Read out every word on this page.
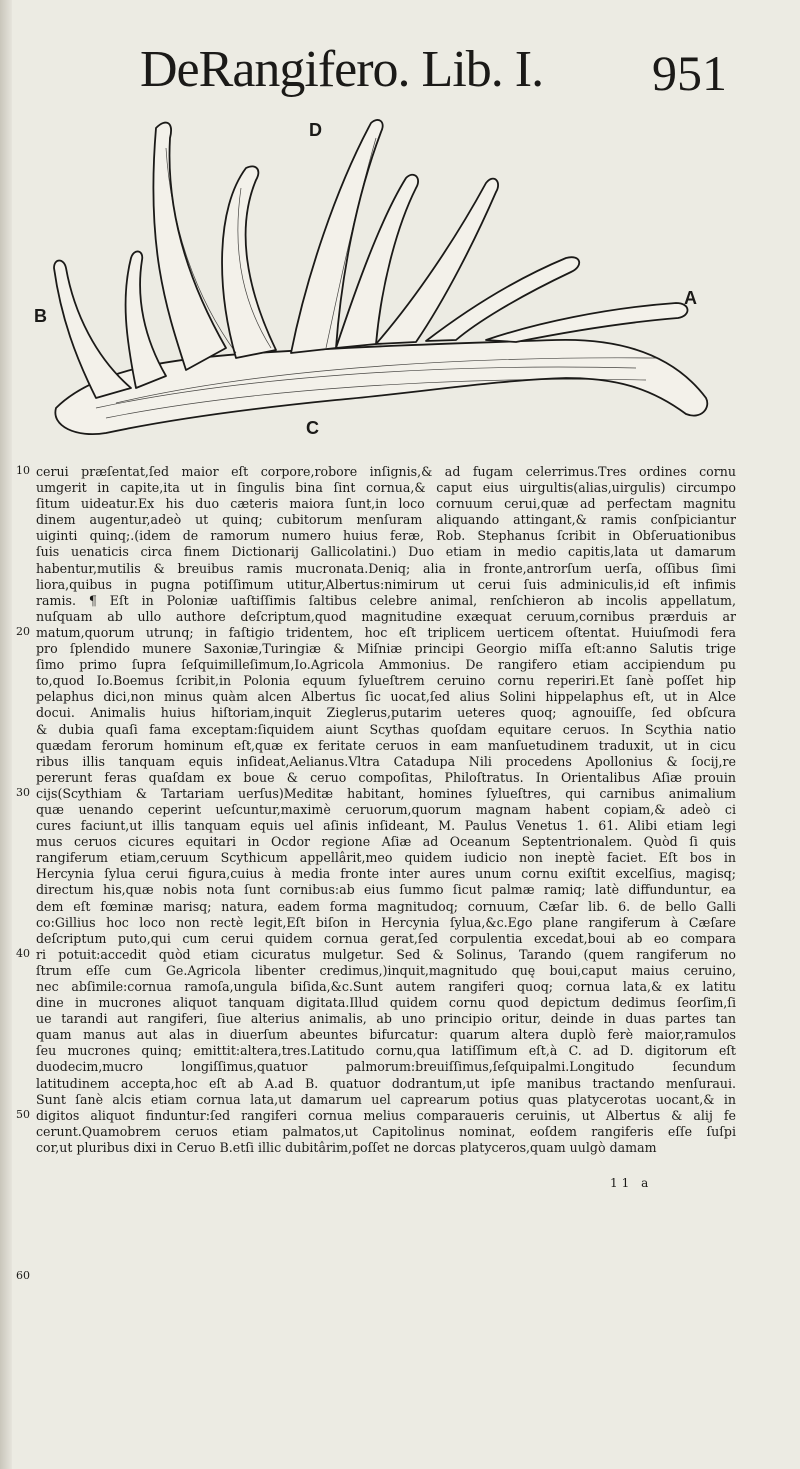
DeRangifero. Lib. I. 951
D
A
B
C
10
20
30
40
50
60
cerui præſentat,ſed maior eſt corpore,robore inſignis,& ad fugam celerrimus.Tres ordines cornu
umgerit in capite,ita ut in ſingulis bina ſint cornua,& caput eius uirgultis(alias,uirgulis) circumpo
ſitum uideatur.Ex his duo cæteris maiora ſunt,in loco cornuum cerui,quæ ad perfectam magnitu
dinem augentur,adeò ut quinq; cubitorum menſuram aliquando attingant,& ramis conſpiciantur
uiginti quinq;.(idem de ramorum numero huius feræ, Rob. Stephanus ſcribit in Obſeruationibus
ſuis uenaticis circa finem Dictionarij Gallicolatini.) Duo etiam in medio capitis,lata ut damarum
habentur,mutilis & breuibus ramis mucronata.Deniq; alia in fronte,antrorſum uerſa, oſſibus ſimi
liora,quibus in pugna potiſſimum utitur,Albertus:nimirum ut cerui ſuis adminiculis,id eſt infimis
ramis. ¶ Eſt in Poloniæ uaſtiſſimis ſaltibus celebre animal, renſchieron ab incolis appellatum,
nuſquam ab ullo authore deſcriptum,quod magnitudine exæquat ceruum,cornibus prærduis ar
matum,quorum utrunq; in faſtigio tridentem, hoc eſt triplicem uerticem oſtentat. Huiuſmodi fera
pro ſplendido munere Saxoniæ,Turingiæ & Miſniæ principi Georgio miſſa eſt:anno Salutis trige
ſimo primo ſupra ſeſquimilleſimum,Io.Agricola Ammonius. De rangifero etiam accipiendum pu
to,quod Io.Boemus ſcribit,in Polonia equum ſylueſtrem ceruino cornu reperiri.Et ſanè poſſet hip
pelaphus dici,non minus quàm alcen Albertus ſic uocat,ſed alius Solini hippelaphus eſt, ut in Alce
docui. Animalis huius hiſtoriam,inquit Zieglerus,putarim ueteres quoq; agnouiſſe, ſed obſcura
& dubia quaſi fama exceptam:ſiquidem aiunt Scythas quoſdam equitare ceruos. In Scythia natio
quædam ferorum hominum eſt,quæ ex feritate ceruos in eam manſuetudinem traduxit, ut in cicu
ribus illis tanquam equis inſideat,Aelianus.Vltra Catadupa Nili procedens Apollonius & ſocij,re
pererunt feras quaſdam ex boue & ceruo compoſitas, Philoſtratus. In Orientalibus Aſiæ prouin
cijs(Scythiam & Tartariam uerſus)Meditæ habitant, homines ſylueſtres, qui carnibus animalium
quæ uenando ceperint ueſcuntur,maximè ceruorum,quorum magnam habent copiam,& adeò ci
cures faciunt,ut illis tanquam equis uel aſinis inſideant, M. Paulus Venetus 1. 61. Alibi etiam legi
mus ceruos cicures equitari in Ocdor regione Aſiæ ad Oceanum Septentrionalem. Quòd ſi quis
rangiferum etiam,ceruum Scythicum appellârit,meo quidem iudicio non ineptè faciet. Eſt bos in
Hercynia ſylua cerui figura,cuius à media fronte inter aures unum cornu exiſtit excelſius, magisq;
directum his,quæ nobis nota ſunt cornibus:ab eius ſummo ſicut palmæ ramiq; latè diffunduntur, ea
dem eſt fœminæ marisq; natura, eadem forma magnitudoq; cornuum, Cæſar lib. 6. de bello Galli
co:Gillius hoc loco non rectè legit,Eſt biſon in Hercynia ſylua,&c.Ego plane rangiferum à Cæſare
deſcriptum puto,qui cum cerui quidem cornua gerat,ſed corpulentia excedat,boui ab eo compara
ri potuit:accedit quòd etiam cicuratus mulgetur. Sed & Solinus, Tarando (quem rangiferum no
ſtrum eſſe cum Ge.Agricola libenter credimus,)inquit,magnitudo quę boui,caput maius ceruino,
nec abſimile:cornua ramoſa,ungula biſida,&c.Sunt autem rangiferi quoq; cornua lata,& ex latitu
dine in mucrones aliquot tanquam digitata.Illud quidem cornu quod depictum dedimus ſeorſim,ſi
ue tarandi aut rangiferi, ſiue alterius animalis, ab uno principio oritur, deinde in duas partes tan
quam manus aut alas in diuerſum abeuntes bifurcatur: quarum altera duplò ferè maior,ramulos
ſeu mucrones quinq; emittit:altera,tres.Latitudo cornu,qua latiſſimum eſt,à C. ad D. digitorum eſt
duodecim,mucro longiſſimus,quatuor palmorum:breuiſſimus,ſeſquipalmi.Longitudo ſecundum
latitudinem accepta,hoc eſt ab A.ad B. quatuor dodrantum,ut ipſe manibus tractando menſuraui.
Sunt ſanè alcis etiam cornua lata,ut damarum uel caprearum potius quas platycerotas uocant,& in
digitos aliquot finduntur:ſed rangiferi cornua melius comparaueris ceruinis, ut Albertus & alij fe
cerunt.Quamobrem ceruos etiam palmatos,ut Capitolinus nominat, eoſdem rangiferis eſſe ſuſpi
cor,ut pluribus dixi in Ceruo B.etſi illic dubitârim,poſſet ne dorcas platyceros,quam uulgò damam
11 a
